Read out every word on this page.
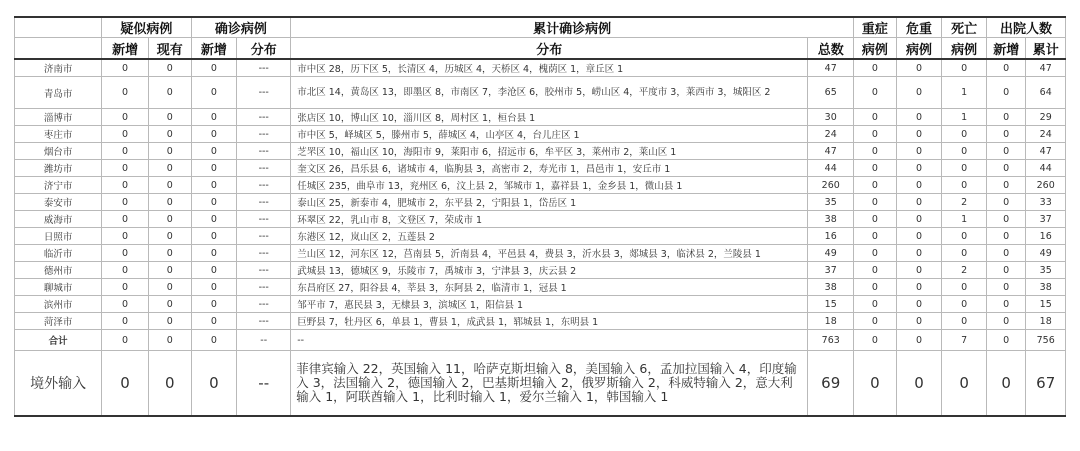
	疑似病例		确诊病例		累计确诊病例		重症	危重	死亡	出院人数	
	新增	现有	新增	分布	分布	总数	病例	病例	病例	新增	累计
济南市	0	0	0	---	市中区 28，历下区 5，长清区 4，历城区 4，天桥区 4，槐荫区 1，章丘区 1	47	0	0	0	0	47
青岛市	0	0	0	---	市北区 14，黄岛区 13，即墨区 8，市南区 7，李沧区 6，胶州市 5，崂山区 4，平度市 3，莱西市 3，城阳区 2	65	0	0	1	0	64
淄博市	0	0	0	---	张店区 10，博山区 10，淄川区 8，周村区 1，桓台县 1	30	0	0	1	0	29
枣庄市	0	0	0	---	市中区 5，峄城区 5，滕州市 5，薛城区 4，山亭区 4，台儿庄区 1	24	0	0	0	0	24
烟台市	0	0	0	---	芝罘区 10，福山区 10，海阳市 9，莱阳市 6，招远市 6，牟平区 3，莱州市 2，莱山区 1	47	0	0	0	0	47
潍坊市	0	0	0	---	奎文区 26，昌乐县 6，诸城市 4，临朐县 3，高密市 2，寿光市 1，昌邑市 1，安丘市 1	44	0	0	0	0	44
济宁市	0	0	0	---	任城区 235，曲阜市 13，兖州区 6，汶上县 2，邹城市 1，嘉祥县 1，金乡县 1，微山县 1	260	0	0	0	0	260
泰安市	0	0	0	---	泰山区 25，新泰市 4，肥城市 2，东平县 2，宁阳县 1，岱岳区 1	35	0	0	2	0	33
威海市	0	0	0	---	环翠区 22，乳山市 8，文登区 7，荣成市 1	38	0	0	1	0	37
日照市	0	0	0	---	东港区 12，岚山区 2，五莲县 2	16	0	0	0	0	16
临沂市	0	0	0	---	兰山区 12，河东区 12，莒南县 5，沂南县 4，平邑县 4，费县 3，沂水县 3，郯城县 3，临沭县 2，兰陵县 1	49	0	0	0	0	49
德州市	0	0	0	---	武城县 13，德城区 9，乐陵市 7，禹城市 3，宁津县 3，庆云县 2	37	0	0	2	0	35
聊城市	0	0	0	---	东昌府区 27，阳谷县 4，莘县 3，东阿县 2，临清市 1，冠县 1	38	0	0	0	0	38
滨州市	0	0	0	---	邹平市 7，惠民县 3，无棣县 3，滨城区 1，阳信县 1	15	0	0	0	0	15
菏泽市	0	0	0	---	巨野县 7，牡丹区 6，单县 1，曹县 1，成武县 1，郓城县 1，东明县 1	18	0	0	0	0	18
合计	0	0	0	--	--	763	0	0	7	0	756
境外输入	0	0	0	--	菲律宾输入 22，英国输入 11，哈萨克斯坦输入 8，美国输入 6，孟加拉国输入 4，印度输入 3，法国输入 2，德国输入 2，巴基斯坦输入 2，俄罗斯输入 2，科威特输入 2，意大利输入 1，阿联酋输入 1，比利时输入 1，爱尔兰输入 1，韩国输入 1	69	0	0	0	0	67
